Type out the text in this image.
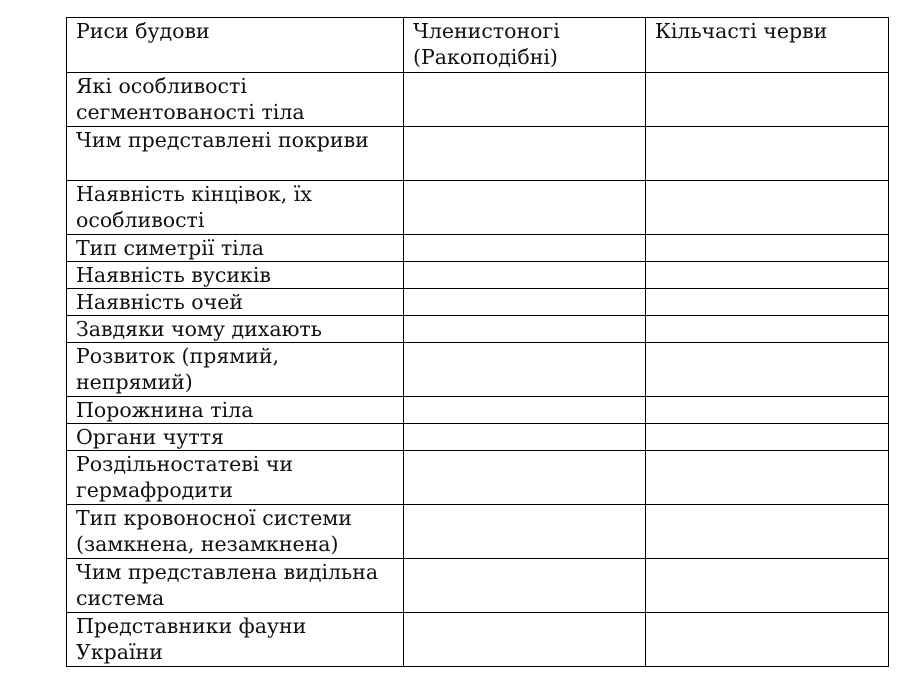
Риси будови	Членистоногі (Ракоподібні)	Кільчасті черви
Які особливості сегментованості тіла		
Чим представлені покриви		
Наявність кінцівок, їх особливості		
Тип симетрії тіла		
Наявність вусиків		
Наявність очей		
Завдяки чому дихають		
Розвиток (прямий, непрямий)		
Порожнина тіла		
Органи чуття		
Роздільностатеві чи гермафродити		
Тип кровоносної системи (замкнена, незамкнена)		
Чим представлена видільна система		
Представники фауни України		
